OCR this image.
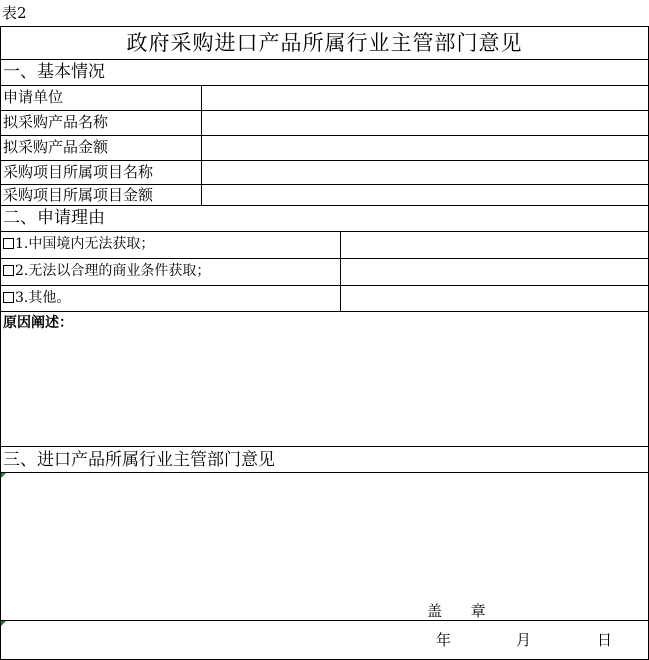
表2
政府采购进口产品所属行业主管部门意见
一、基本情况
申请单位
拟采购产品名称
拟采购产品金额
采购项目所属项目名称
采购项目所属项目金额
二、申请理由
1.中国境内无法获取；
2.无法以合理的商业条件获取；
3.其他。
原因阐述：
三、进口产品所属行业主管部门意见
盖      章
年	月	日
